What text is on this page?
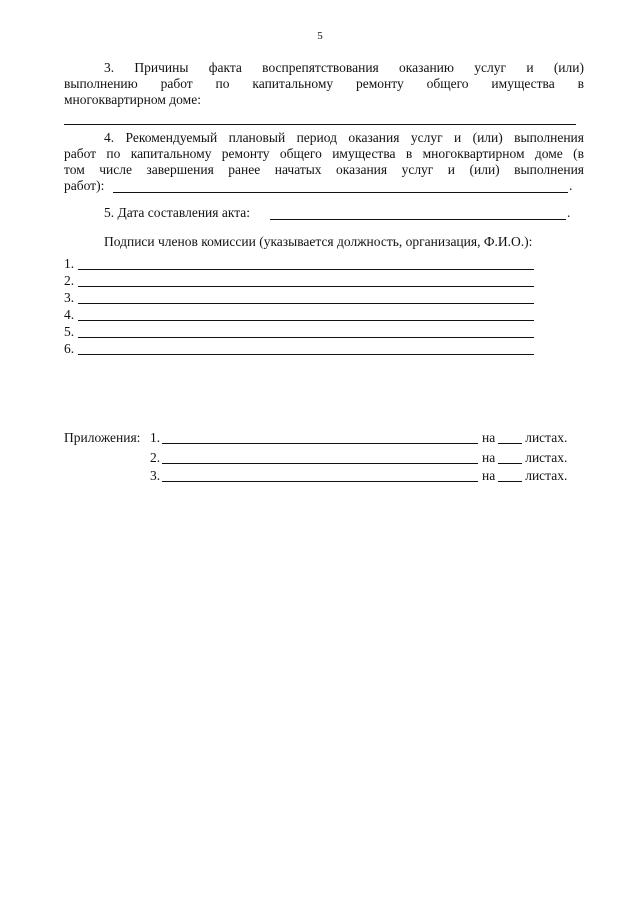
5
3. Причины факта воспрепятствования оказанию услуг и (или)
выполнению работ по капитальному ремонту общего имущества в
многоквартирном доме:
4. Рекомендуемый плановый период оказания услуг и (или) выполнения
работ по капитальному ремонту общего имущества в многоквартирном доме (в
том числе завершения ранее начатых оказания услуг и (или) выполнения
работ):	.
5. Дата составления акта:	.
Подписи членов комиссии (указывается должность, организация, Ф.И.О.):
1.
2.
3.
4.
5.
6.
Приложения: 1.	на листах.
2.	на листах.
3.	на листах.
